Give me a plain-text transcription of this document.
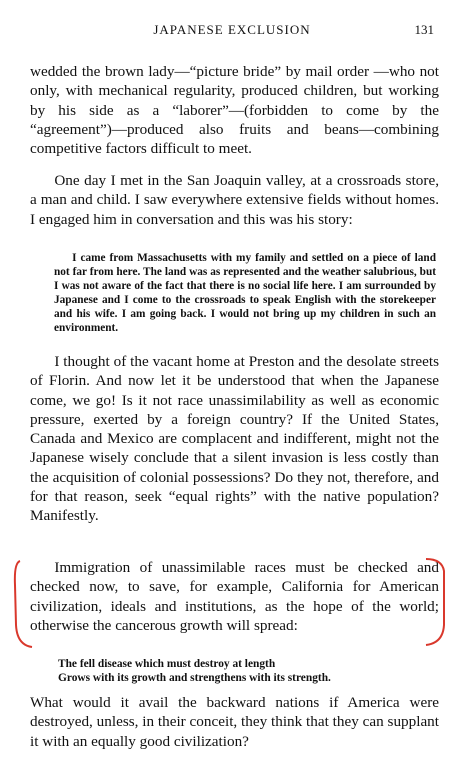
JAPANESE EXCLUSION	131

wedded the brown lady—“picture bride” by mail order —who not only, with mechanical regularity, produced children, but working by his side as a “laborer”—(forbidden to come by the “agreement”)—produced also fruits and beans—combining competitive factors difficult to meet.

One day I met in the San Joaquin valley, at a crossroads store, a man and child. I saw everywhere extensive fields without homes. I engaged him in conversation and this was his story:

I came from Massachusetts with my family and settled on a piece of land not far from here. The land was as represented and the weather salubrious, but I was not aware of the fact that there is no social life here. I am surrounded by Japanese and I come to the crossroads to speak English with the storekeeper and his wife. I am going back. I would not bring up my children in such an environment.

I thought of the vacant home at Preston and the desolate streets of Florin. And now let it be understood that when the Japanese come, we go! Is it not race unassimilability as well as economic pressure, exerted by a foreign country? If the United States, Canada and Mexico are complacent and indifferent, might not the Japanese wisely conclude that a silent invasion is less costly than the acquisition of colonial possessions? Do they not, therefore, and for that reason, seek “equal rights” with the native population? Manifestly.

Immigration of unassimilable races must be checked and checked now, to save, for example, California for American civilization, ideals and institutions, as the hope of the world; otherwise the cancerous growth will spread:

The fell disease which must destroy at length
Grows with its growth and strengthens with its strength.

What would it avail the backward nations if America were destroyed, unless, in their conceit, they think that they can supplant it with an equally good civilization?
